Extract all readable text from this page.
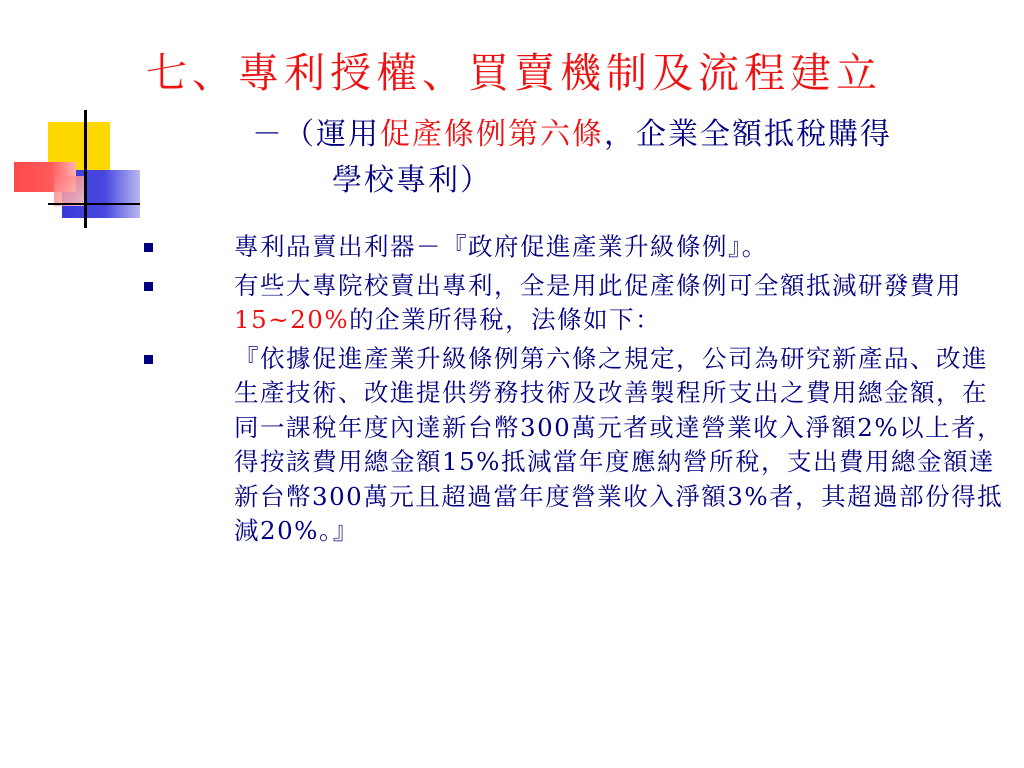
七、專利授權、買賣機制及流程建立

－（運用促產條例第六條，企業全額抵稅購得
學校專利）

專利品賣出利器－『政府促進產業升級條例』。
有些大專院校賣出專利，全是用此促產條例可全額抵減研發費用15~20%的企業所得稅，法條如下：
『依據促進產業升級條例第六條之規定，公司為研究新產品、改進生產技術、改進提供勞務技術及改善製程所支出之費用總金額，在同一課稅年度內達新台幣300萬元者或達營業收入淨額2%以上者，得按該費用總金額15%抵減當年度應納營所稅，支出費用總金額達新台幣300萬元且超過當年度營業收入淨額3%者，其超過部份得抵減20%。』
